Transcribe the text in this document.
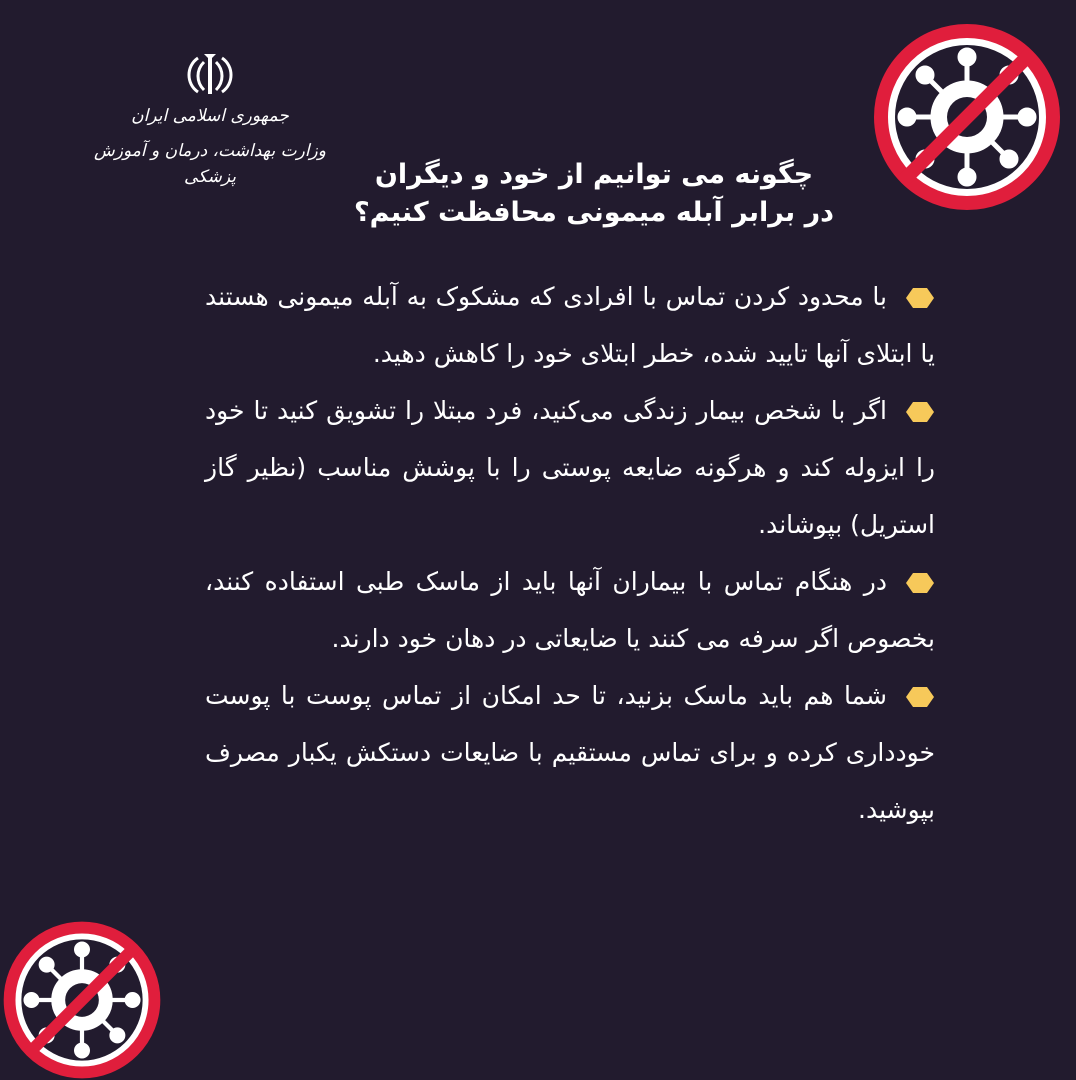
جمهوری اسلامی ایران
وزارت بهداشت، درمان و آموزش پزشکی	چگونه می توانیم از خود و دیگران
در برابر آبله میمونی محافظت کنیم؟

با محدود کردن تماس با افرادی که مشکوک به آبله میمونی هستند یا ابتلای آنها تایید شده، خطر ابتلای خود را کاهش دهید.

اگر با شخص بیمار زندگی می‌کنید، فرد مبتلا را تشویق کنید تا خود را ایزوله کند و هرگونه ضایعه پوستی را با پوشش مناسب (نظیر گاز استریل) بپوشاند.

در هنگام تماس با بیماران آنها باید از ماسک طبی استفاده کنند، بخصوص اگر سرفه می کنند یا ضایعاتی در دهان خود دارند.

شما هم باید ماسک بزنید، تا حد امکان از تماس پوست با پوست خودداری کرده و برای تماس مستقیم با ضایعات دستکش یکبار مصرف بپوشید.
